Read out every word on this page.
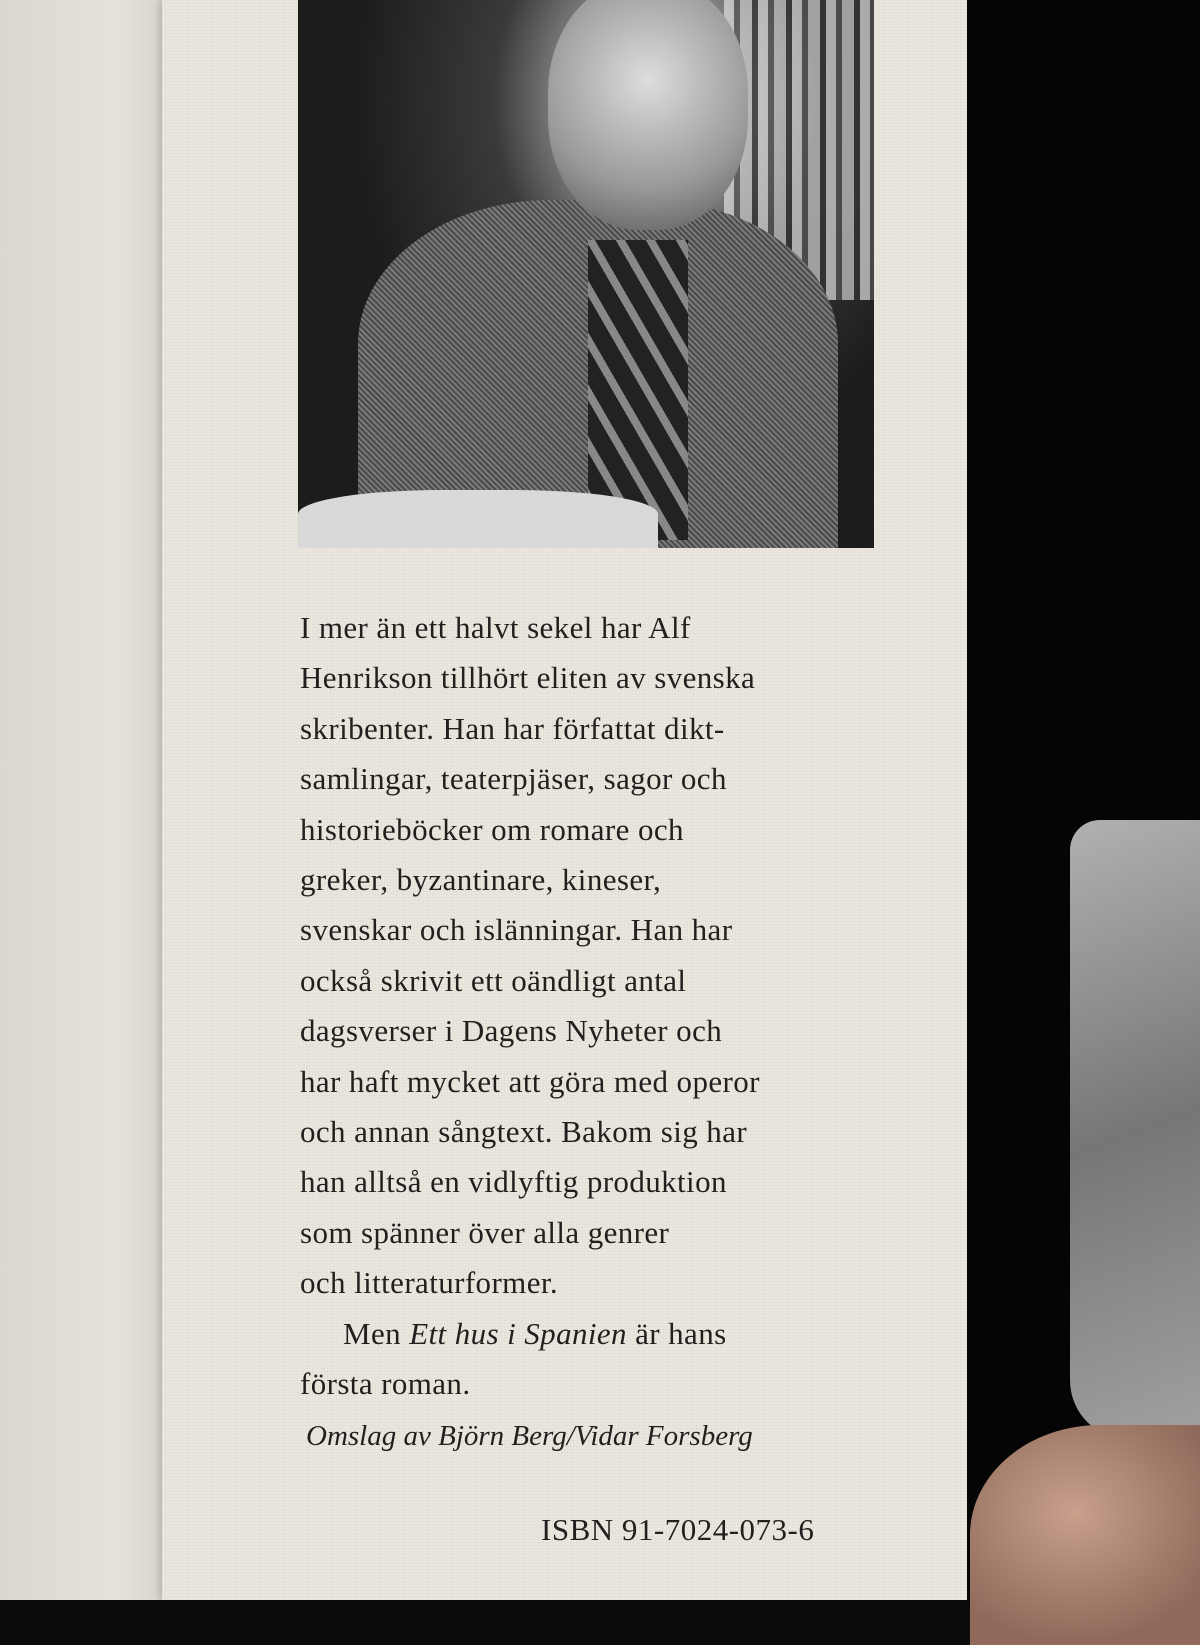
I mer än ett halvt sekel har Alf
Henrikson tillhört eliten av svenska
skribenter. Han har författat dikt-
samlingar, teaterpjäser, sagor och
historieböcker om romare och
greker, byzantinare, kineser,
svenskar och islänningar. Han har
också skrivit ett oändligt antal
dagsverser i Dagens Nyheter och
har haft mycket att göra med operor
och annan sångtext. Bakom sig har
han alltså en vidlyftig produktion
som spänner över alla genrer
och litteraturformer.
Men Ett hus i Spanien är hans
första roman.
Omslag av Björn Berg/Vidar Forsberg
ISBN 91-7024-073-6
